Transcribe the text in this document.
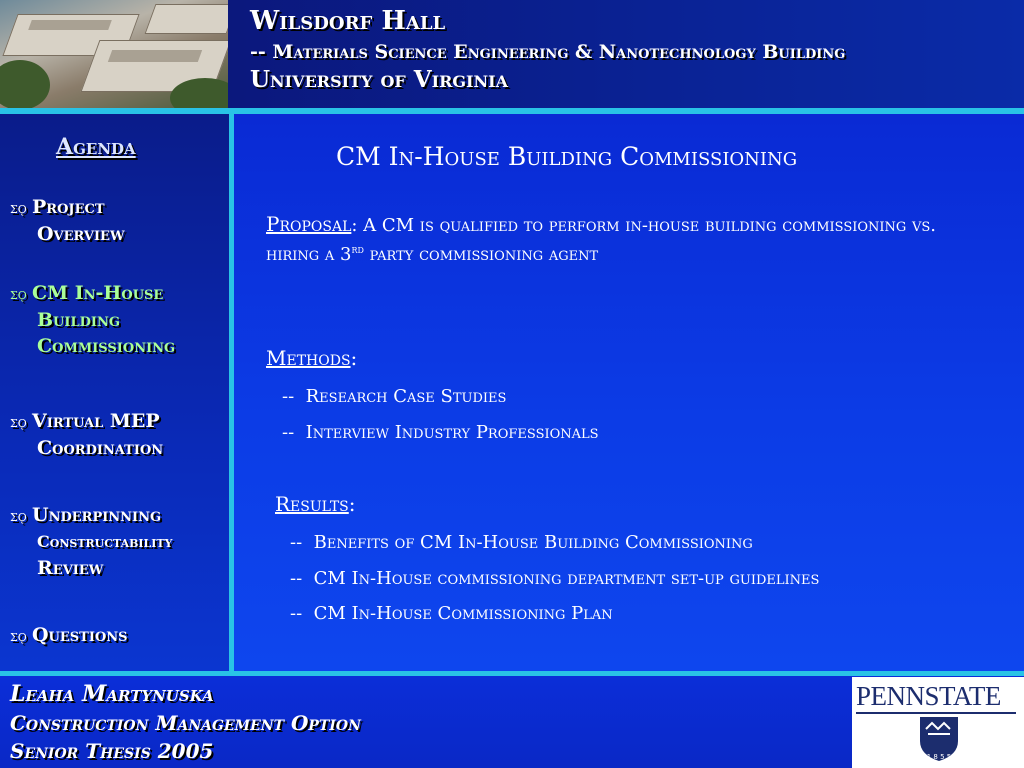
Wilsdorf Hall
-- Materials Science Engineering & Nanotechnology Building
University of Virginia
Agenda
σǫ Project
Overview
σǫ CM In-House
Building
Commissioning
σǫ Virtual MEP
Coordination
σǫ Underpinning
Constructability
Review
σǫ Questions
CM In-House Building Commissioning
Proposal: A CM is qualified to perform in-house building commissioning vs. hiring a 3rd party commissioning agent
Methods:
-- Research Case Studies
-- Interview Industry Professionals
Results:
-- Benefits of CM In-House Building Commissioning
-- CM In-House commissioning department set-up guidelines
-- CM In-House Commissioning Plan
Leaha Martynuska
Construction Management Option
Senior Thesis 2005
PENNSTATE
1 8 5 5
